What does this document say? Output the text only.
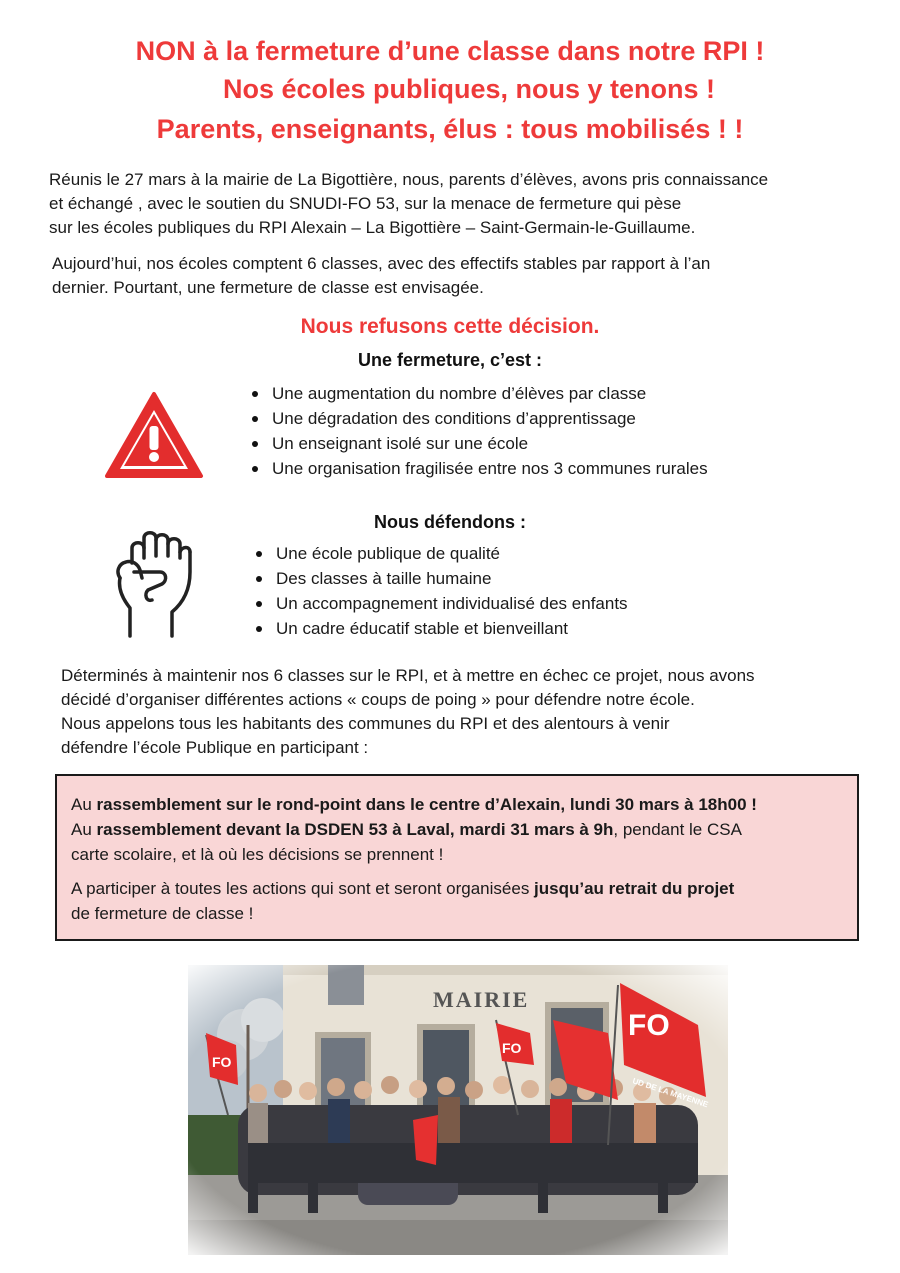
NON à la fermeture d’une classe dans notre RPI !
Nos écoles publiques, nous y tenons !
Parents, enseignants, élus : tous mobilisés ! !
Réunis le 27 mars à la mairie de La Bigottière, nous, parents d’élèves, avons pris connaissance
et échangé , avec le soutien du SNUDI-FO 53, sur la menace de fermeture qui pèse
sur les écoles publiques du RPI Alexain – La Bigottière – Saint-Germain-le-Guillaume.
Aujourd’hui, nos écoles comptent 6 classes, avec des effectifs stables par rapport à l’an
dernier. Pourtant, une fermeture de classe est envisagée.
Nous refusons cette décision.
Une fermeture, c’est :
Une augmentation du nombre d’élèves par classe
Une dégradation des conditions d’apprentissage
Un enseignant isolé sur une école
Une organisation fragilisée entre nos 3 communes rurales
Nous défendons :
Une école publique de qualité
Des classes à taille humaine
Un accompagnement individualisé des enfants
Un cadre éducatif stable et bienveillant
Déterminés à maintenir nos 6 classes sur le RPI, et à mettre en échec ce projet, nous avons
décidé d’organiser différentes actions « coups de poing » pour défendre notre école.
Nous appelons tous les habitants des communes du RPI et des alentours à venir
défendre l’école Publique en participant :

Au rassemblement sur le rond-point dans le centre d’Alexain, lundi 30 mars à 18h00 !

Au rassemblement devant la DSDEN 53 à Laval, mardi 31 mars à 9h, pendant le CSA

carte scolaire, et là où les décisions se prennent !

A participer à toutes les actions qui sont et seront organisées jusqu’au retrait du projet

de fermeture de classe !
